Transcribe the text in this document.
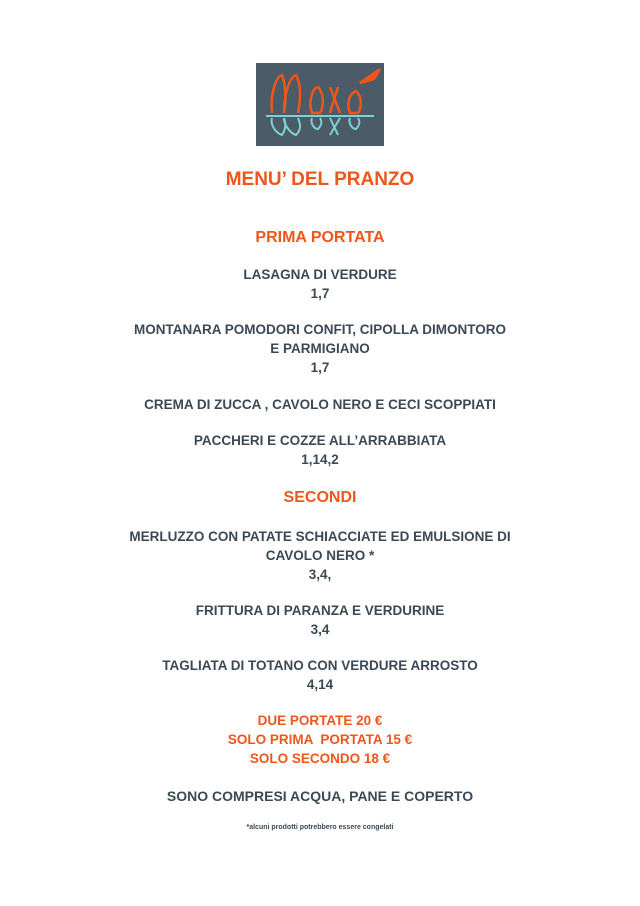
MENU’ DEL PRANZO
PRIMA PORTATA
LASAGNA DI VERDURE
1,7
MONTANARA POMODORI CONFIT, CIPOLLA DIMONTORO
E PARMIGIANO
1,7
CREMA DI ZUCCA , CAVOLO NERO E CECI SCOPPIATI
PACCHERI E COZZE ALL’ARRABBIATA
1,14,2
SECONDI
MERLUZZO CON PATATE SCHIACCIATE ED EMULSIONE DI
CAVOLO NERO *
3,4,
FRITTURA DI PARANZA E VERDURINE
3,4
TAGLIATA DI TOTANO CON VERDURE ARROSTO
4,14
DUE PORTATE 20 €
SOLO PRIMA  PORTATA 15 €
SOLO SECONDO 18 €
SONO COMPRESI ACQUA, PANE E COPERTO
*alcuni prodotti potrebbero essere congelati
